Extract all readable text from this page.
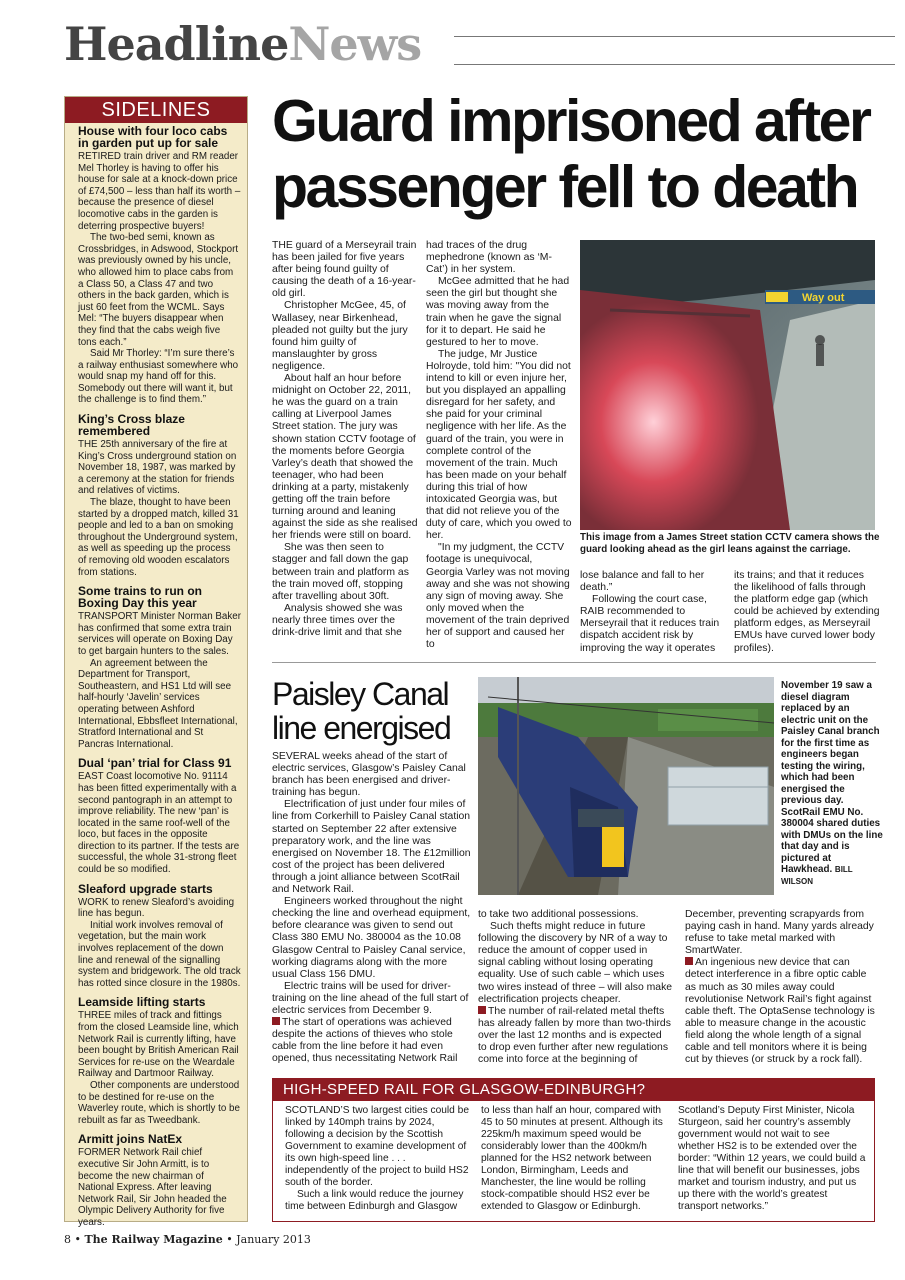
HeadlineNews
SIDELINES
House with four loco cabs in garden put up for sale

RETIRED train driver and RM reader Mel Thorley is having to offer his house for sale at a knock-down price of £74,500 – less than half its worth – because the presence of diesel locomotive cabs in the garden is deterring prospective buyers!

The two-bed semi, known as Crossbridges, in Adswood, Stockport was previously owned by his uncle, who allowed him to place cabs from a Class 50, a Class 47 and two others in the back garden, which is just 60 feet from the WCML. Says Mel: “The buyers disappear when they find that the cabs weigh five tons each.”

Said Mr Thorley: “I’m sure there’s a railway enthusiast somewhere who would snap my hand off for this. Somebody out there will want it, but the challenge is to find them.”

King’s Cross blaze remembered

THE 25th anniversary of the fire at King’s Cross underground station on November 18, 1987, was marked by a ceremony at the station for friends and relatives of victims.

The blaze, thought to have been started by a dropped match, killed 31 people and led to a ban on smoking throughout the Underground system, as well as speeding up the process of removing old wooden escalators from stations.

Some trains to run on Boxing Day this year

TRANSPORT Minister Norman Baker has confirmed that some extra train services will operate on Boxing Day to get bargain hunters to the sales.

An agreement between the Department for Transport, Southeastern, and HS1 Ltd will see half-hourly ‘Javelin’ services operating between Ashford International, Ebbsfleet International, Stratford International and St Pancras International.

Dual ‘pan’ trial for Class 91

EAST Coast locomotive No. 91114 has been fitted experimentally with a second pantograph in an attempt to improve reliability. The new ‘pan’ is located in the same roof-well of the loco, but faces in the opposite direction to its partner. If the tests are successful, the whole 31-strong fleet could be so modified.

Sleaford upgrade starts

WORK to renew Sleaford’s avoiding line has begun.

Initial work involves removal of vegetation, but the main work involves replacement of the down line and renewal of the signalling system and bridgework. The old track has rotted since closure in the 1980s.

Leamside lifting starts

THREE miles of track and fittings from the closed Leamside line, which Network Rail is currently lifting, have been bought by British American Rail Services for re-use on the Weardale Railway and Dartmoor Railway.

Other components are understood to be destined for re-use on the Waverley route, which is shortly to be rebuilt as far as Tweedbank.

Armitt joins NatEx

FORMER Network Rail chief executive Sir John Armitt, is to become the new chairman of National Express. After leaving Network Rail, Sir John headed the Olympic Delivery Authority for five years.

Guard imprisoned after
passenger fell to death

THE guard of a Merseyrail train has been jailed for five years after being found guilty of causing the death of a 16-year-old girl.

Christopher McGee, 45, of Wallasey, near Birkenhead, pleaded not guilty but the jury found him guilty of manslaughter by gross negligence.

About half an hour before midnight on October 22, 2011, he was the guard on a train calling at Liverpool James Street station. The jury was shown station CCTV footage of the moments before Georgia Varley’s death that showed the teenager, who had been drinking at a party, mistakenly getting off the train before turning around and leaning against the side as she realised her friends were still on board.

She was then seen to stagger and fall down the gap between train and platform as the train moved off, stopping after travelling about 30ft.

Analysis showed she was nearly three times over the drink-drive limit and that she

had traces of the drug mephedrone (known as ‘M-Cat’) in her system.

McGee admitted that he had seen the girl but thought she was moving away from the train when he gave the signal for it to depart. He said he gestured to her to move.

The judge, Mr Justice Holroyde, told him: "You did not intend to kill or even injure her, but you displayed an appalling disregard for her safety, and she paid for your criminal negligence with her life. As the guard of the train, you were in complete control of the movement of the train. Much has been made on your behalf during this trial of how intoxicated Georgia was, but that did not relieve you of the duty of care, which you owed to her.

"In my judgment, the CCTV footage is unequivocal, Georgia Varley was not moving away and she was not showing any sign of moving away. She only moved when the movement of the train deprived her of support and caused her to

Way out
This image from a James Street station CCTV camera shows the guard looking ahead as the girl leans against the carriage.

lose balance and fall to her death.”

Following the court case, RAIB recommended to Merseyrail that it reduces train dispatch accident risk by improving the way it operates

its trains; and that it reduces the likelihood of falls through the platform edge gap (which could be achieved by extending platform edges, as Merseyrail EMUs have curved lower body profiles).

Paisley Canal
line energised
November 19 saw a diesel diagram replaced by an electric unit on the Paisley Canal branch for the first time as engineers began testing the wiring, which had been energised the previous day. ScotRail EMU No. 380004 shared duties with DMUs on the line that day and is pictured at Hawkhead. BILL WILSON

SEVERAL weeks ahead of the start of electric services, Glasgow’s Paisley Canal branch has been energised and driver-training has begun.

Electrification of just under four miles of line from Corkerhill to Paisley Canal station started on September 22 after extensive preparatory work, and the line was energised on November 18. The £12million cost of the project has been delivered through a joint alliance between ScotRail and Network Rail.

Engineers worked throughout the night checking the line and overhead equipment, before clearance was given to send out Class 380 EMU No. 380004 as the 10.08 Glasgow Central to Paisley Canal service, working diagrams along with the more usual Class 156 DMU.

Electric trains will be used for driver-training on the line ahead of the full start of electric services from December 9.

The start of operations was achieved despite the actions of thieves who stole cable from the line before it had even opened, thus necessitating Network Rail

to take two additional possessions.

Such thefts might reduce in future following the discovery by NR of a way to reduce the amount of copper used in signal cabling without losing operating equality. Use of such cable – which uses two wires instead of three – will also make electrification projects cheaper.

The number of rail-related metal thefts has already fallen by more than two-thirds over the last 12 months and is expected to drop even further after new regulations come into force at the beginning of

December, preventing scrapyards from paying cash in hand. Many yards already refuse to take metal marked with SmartWater.

An ingenious new device that can detect interference in a fibre optic cable as much as 30 miles away could revolutionise Network Rail’s fight against cable theft. The OptaSense technology is able to measure change in the acoustic field along the whole length of a signal cable and tell monitors where it is being cut by thieves (or struck by a rock fall).

HIGH-SPEED RAIL FOR GLASGOW-EDINBURGH?

SCOTLAND’S two largest cities could be linked by 140mph trains by 2024, following a decision by the Scottish Government to examine development of its own high-speed line . . . independently of the project to build HS2 south of the border.

Such a link would reduce the journey time between Edinburgh and Glasgow

to less than half an hour, compared with 45 to 50 minutes at present. Although its 225km/h maximum speed would be considerably lower than the 400km/h planned for the HS2 network between London, Birmingham, Leeds and Manchester, the line would be rolling stock-compatible should HS2 ever be extended to Glasgow or Edinburgh.

Scotland’s Deputy First Minister, Nicola Sturgeon, said her country’s assembly government would not wait to see whether HS2 is to be extended over the border: “Within 12 years, we could build a line that will benefit our businesses, jobs market and tourism industry, and put us up there with the world’s greatest transport networks.”

8 • The Railway Magazine • January 2013
